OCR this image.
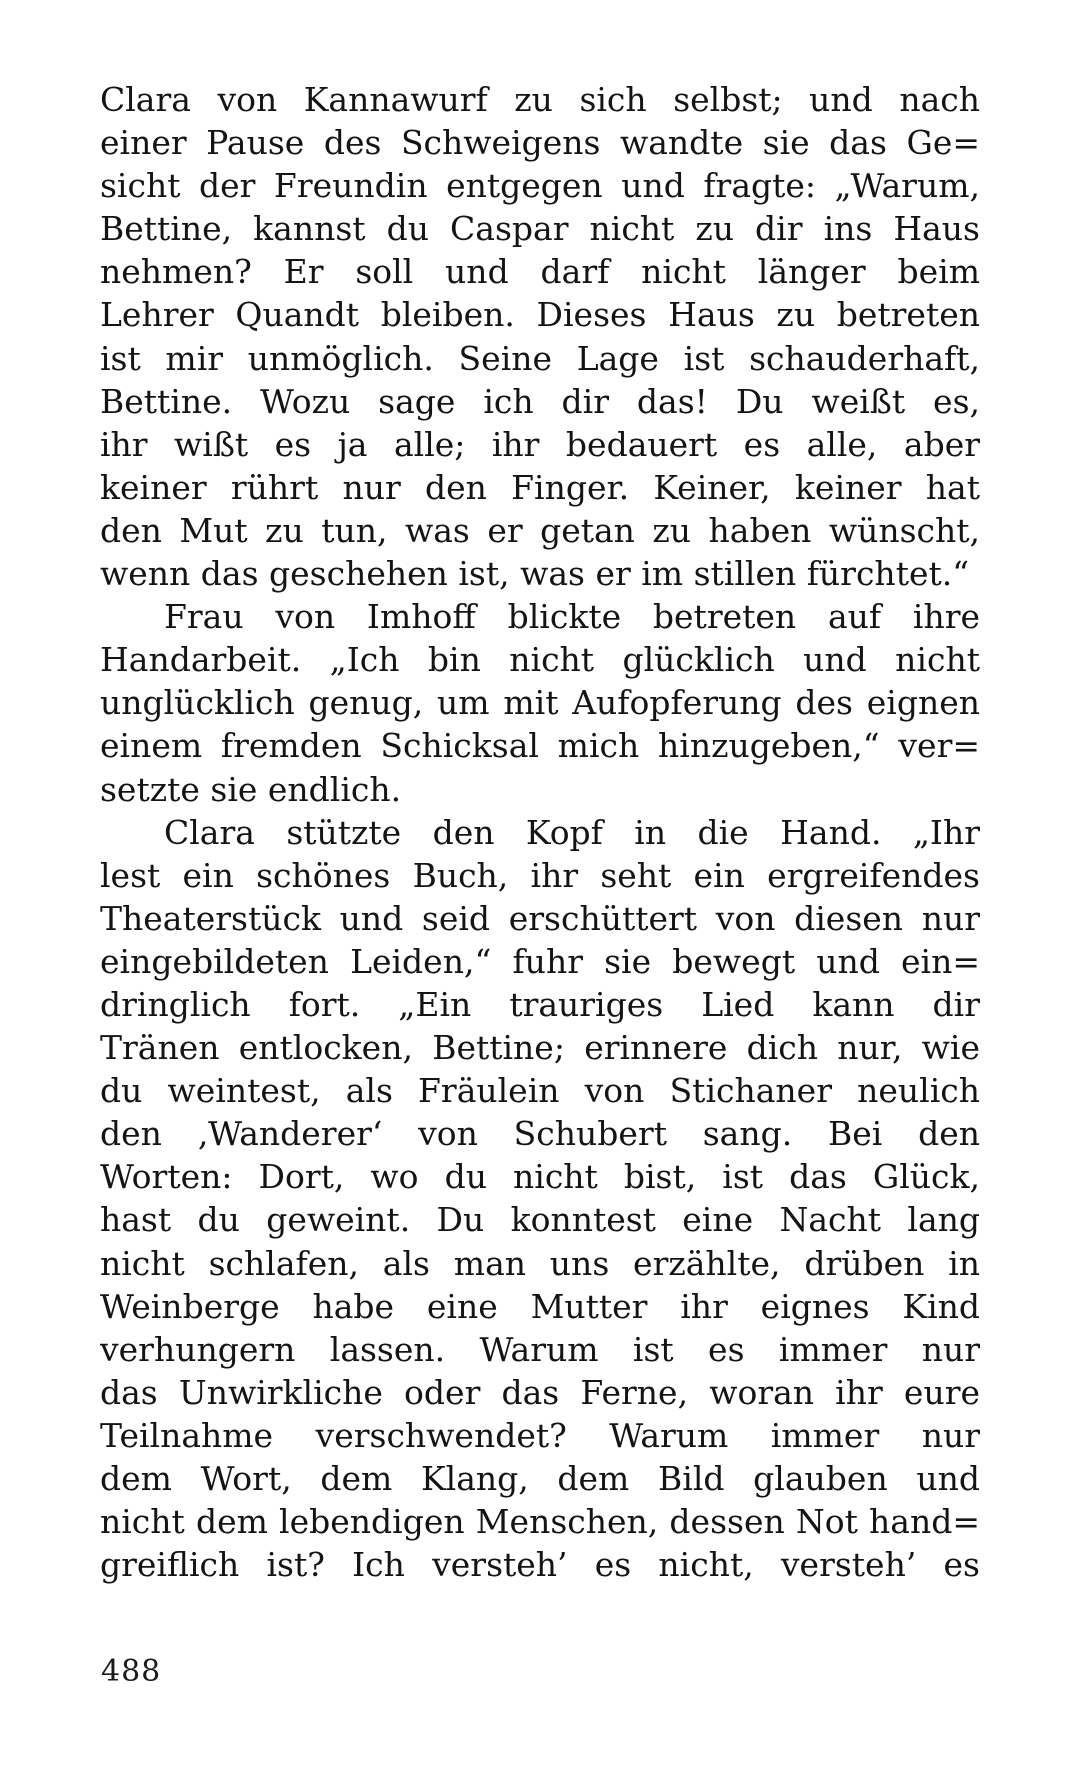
Clara von Kannawurf zu sich selbst; und nach
einer Pause des Schweigens wandte sie das Ge=
sicht der Freundin entgegen und fragte: „Warum,
Bettine, kannst du Caspar nicht zu dir ins Haus
nehmen? Er soll und darf nicht länger beim
Lehrer Quandt bleiben. Dieses Haus zu betreten
ist mir unmöglich. Seine Lage ist schauderhaft,
Bettine. Wozu sage ich dir das! Du weißt es,
ihr wißt es ja alle; ihr bedauert es alle, aber
keiner rührt nur den Finger. Keiner, keiner hat
den Mut zu tun, was er getan zu haben wünscht,
wenn das geschehen ist, was er im stillen fürchtet.“
Frau von Imhoff blickte betreten auf ihre
Handarbeit. „Ich bin nicht glücklich und nicht
unglücklich genug, um mit Aufopferung des eignen
einem fremden Schicksal mich hinzugeben,“ ver=
setzte sie endlich.
Clara stützte den Kopf in die Hand. „Ihr
lest ein schönes Buch, ihr seht ein ergreifendes
Theaterstück und seid erschüttert von diesen nur
eingebildeten Leiden,“ fuhr sie bewegt und ein=
dringlich fort. „Ein trauriges Lied kann dir
Tränen entlocken, Bettine; erinnere dich nur, wie
du weintest, als Fräulein von Stichaner neulich
den ‚Wanderer‘ von Schubert sang. Bei den
Worten: Dort, wo du nicht bist, ist das Glück,
hast du geweint. Du konntest eine Nacht lang
nicht schlafen, als man uns erzählte, drüben in
Weinberge habe eine Mutter ihr eignes Kind
verhungern lassen. Warum ist es immer nur
das Unwirkliche oder das Ferne, woran ihr eure
Teilnahme verschwendet? Warum immer nur
dem Wort, dem Klang, dem Bild glauben und
nicht dem lebendigen Menschen, dessen Not hand=
greiflich ist? Ich versteh’ es nicht, versteh’ es
488
